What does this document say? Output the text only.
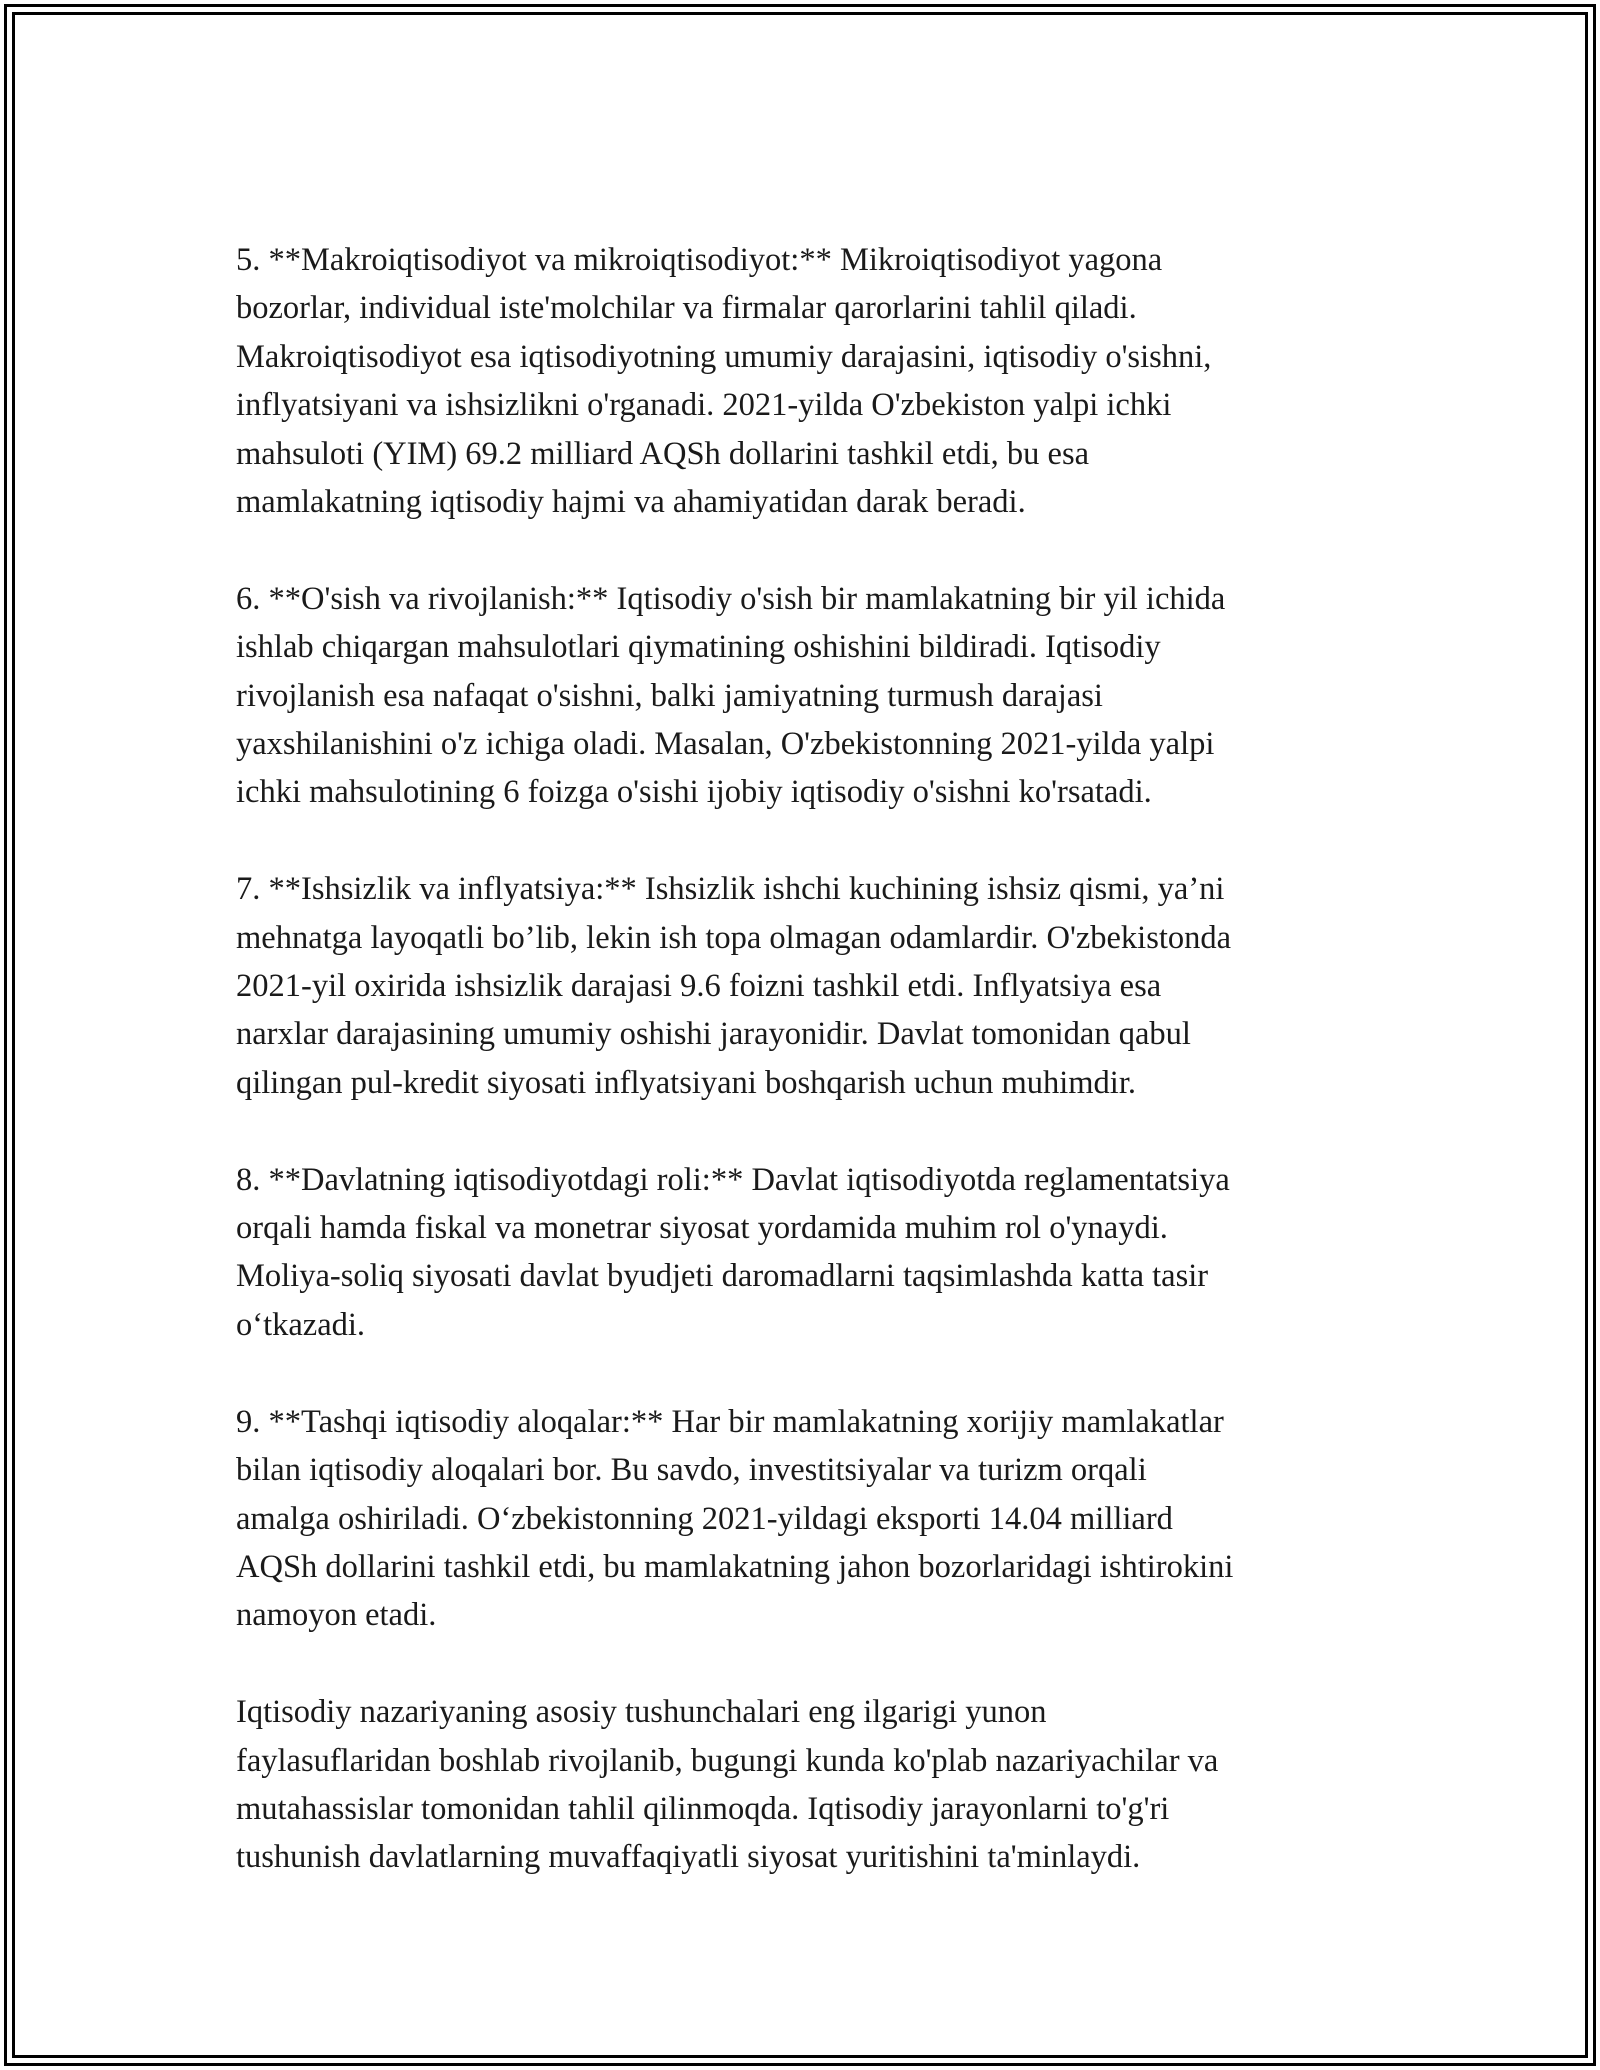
5. **Makroiqtisodiyot va mikroiqtisodiyot:** Mikroiqtisodiyot yagona
bozorlar, individual iste'molchilar va firmalar qarorlarini tahlil qiladi.
Makroiqtisodiyot esa iqtisodiyotning umumiy darajasini, iqtisodiy o'sishni,
inflyatsiyani va ishsizlikni o'rganadi. 2021-yilda O'zbekiston yalpi ichki
mahsuloti (YIM) 69.2 milliard AQSh dollarini tashkil etdi, bu esa
mamlakatning iqtisodiy hajmi va ahamiyatidan darak beradi.

6. **O'sish va rivojlanish:** Iqtisodiy o'sish bir mamlakatning bir yil ichida
ishlab chiqargan mahsulotlari qiymatining oshishini bildiradi. Iqtisodiy
rivojlanish esa nafaqat o'sishni, balki jamiyatning turmush darajasi
yaxshilanishini o'z ichiga oladi. Masalan, O'zbekistonning 2021-yilda yalpi
ichki mahsulotining 6 foizga o'sishi ijobiy iqtisodiy o'sishni ko'rsatadi.

7. **Ishsizlik va inflyatsiya:** Ishsizlik ishchi kuchining ishsiz qismi, ya’ni
mehnatga layoqatli bo’lib, lekin ish topa olmagan odamlardir. O'zbekistonda
2021-yil oxirida ishsizlik darajasi 9.6 foizni tashkil etdi. Inflyatsiya esa
narxlar darajasining umumiy oshishi jarayonidir. Davlat tomonidan qabul
qilingan pul-kredit siyosati inflyatsiyani boshqarish uchun muhimdir.

8. **Davlatning iqtisodiyotdagi roli:** Davlat iqtisodiyotda reglamentatsiya
orqali hamda fiskal va monetrar siyosat yordamida muhim rol o'ynaydi.
Moliya-soliq siyosati davlat byudjeti daromadlarni taqsimlashda katta tasir
o‘tkazadi.

9. **Tashqi iqtisodiy aloqalar:** Har bir mamlakatning xorijiy mamlakatlar
bilan iqtisodiy aloqalari bor. Bu savdo, investitsiyalar va turizm orqali
amalga oshiriladi. O‘zbekistonning 2021-yildagi eksporti 14.04 milliard
AQSh dollarini tashkil etdi, bu mamlakatning jahon bozorlaridagi ishtirokini
namoyon etadi.

Iqtisodiy nazariyaning asosiy tushunchalari eng ilgarigi yunon
faylasuflaridan boshlab rivojlanib, bugungi kunda ko'plab nazariyachilar va
mutahassislar tomonidan tahlil qilinmoqda. Iqtisodiy jarayonlarni to'g'ri
tushunish davlatlarning muvaffaqiyatli siyosat yuritishini ta'minlaydi.
